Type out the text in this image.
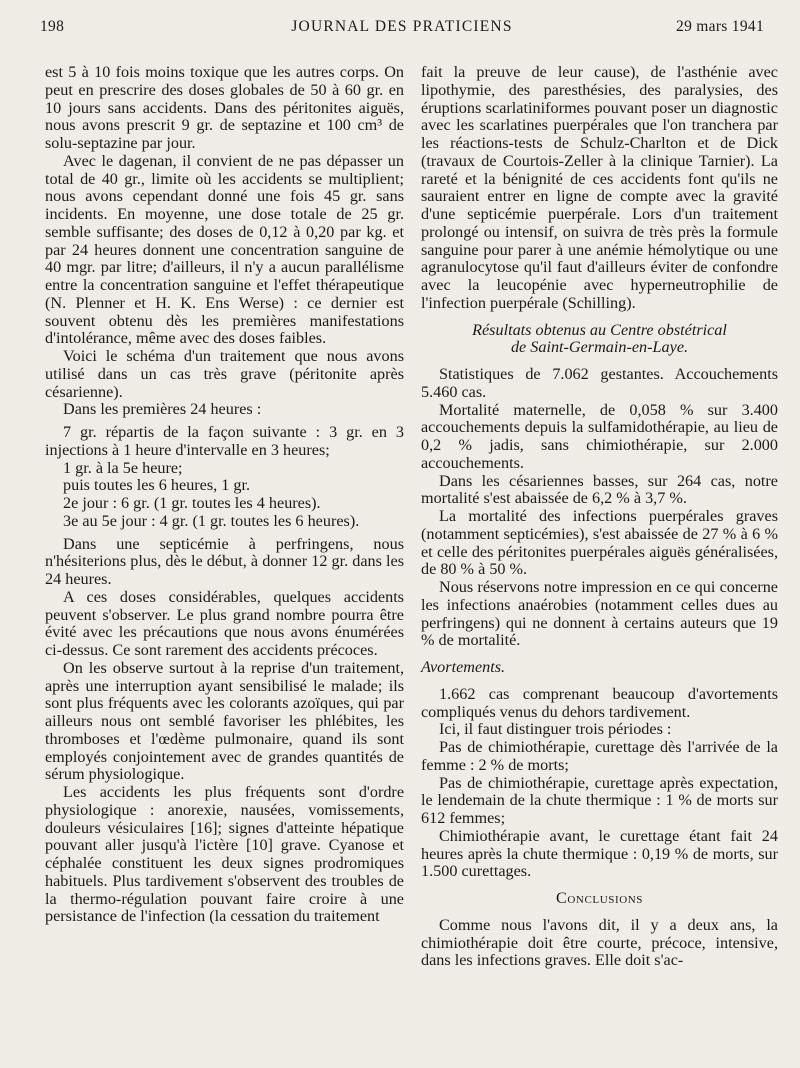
198	JOURNAL DES PRATICIENS	29 mars 1941

est 5 à 10 fois moins toxique que les autres corps. On peut en prescrire des doses globales de 50 à 60 gr. en 10 jours sans accidents. Dans des péritonites aiguës, nous avons prescrit 9 gr. de septazine et 100 cm³ de solu-septazine par jour.

Avec le dagenan, il convient de ne pas dépasser un total de 40 gr., limite où les accidents se multiplient; nous avons cependant donné une fois 45 gr. sans incidents. En moyenne, une dose totale de 25 gr. semble suffisante; des doses de 0,12 à 0,20 par kg. et par 24 heures donnent une concentration sanguine de 40 mgr. par litre; d'ailleurs, il n'y a aucun parallélisme entre la concentration sanguine et l'effet thérapeutique (N. Plenner et H. K. Ens Werse) : ce dernier est souvent obtenu dès les premières manifestations d'intolérance, même avec des doses faibles.

Voici le schéma d'un traitement que nous avons utilisé dans un cas très grave (péritonite après césarienne).

Dans les premières 24 heures :

7 gr. répartis de la façon suivante : 3 gr. en 3 injections à 1 heure d'intervalle en 3 heures;

1 gr. à la 5e heure;

puis toutes les 6 heures, 1 gr.

2e jour : 6 gr. (1 gr. toutes les 4 heures).

3e au 5e jour : 4 gr. (1 gr. toutes les 6 heures).

Dans une septicémie à perfringens, nous n'hésiterions plus, dès le début, à donner 12 gr. dans les 24 heures.

A ces doses considérables, quelques accidents peuvent s'observer. Le plus grand nombre pourra être évité avec les précautions que nous avons énumérées ci-dessus. Ce sont rarement des accidents précoces.

On les observe surtout à la reprise d'un traitement, après une interruption ayant sensibilisé le malade; ils sont plus fréquents avec les colorants azoïques, qui par ailleurs nous ont semblé favoriser les phlébites, les thromboses et l'œdème pulmonaire, quand ils sont employés conjointement avec de grandes quantités de sérum physiologique.

Les accidents les plus fréquents sont d'ordre physiologique : anorexie, nausées, vomissements, douleurs vésiculaires [16]; signes d'atteinte hépatique pouvant aller jusqu'à l'ictère [10] grave. Cyanose et céphalée constituent les deux signes prodromiques habituels. Plus tardivement s'observent des troubles de la thermo-régulation pouvant faire croire à une persistance de l'infection (la cessation du traitement

fait la preuve de leur cause), de l'asthénie avec lipothymie, des paresthésies, des paralysies, des éruptions scarlatiniformes pouvant poser un diagnostic avec les scarlatines puerpérales que l'on tranchera par les réactions-tests de Schulz-Charlton et de Dick (travaux de Courtois-Zeller à la clinique Tarnier). La rareté et la bénignité de ces accidents font qu'ils ne sauraient entrer en ligne de compte avec la gravité d'une septicémie puerpérale. Lors d'un traitement prolongé ou intensif, on suivra de très près la formule sanguine pour parer à une anémie hémolytique ou une agranulocytose qu'il faut d'ailleurs éviter de confondre avec la leucopénie avec hyperneutrophilie de l'infection puerpérale (Schilling).

Résultats obtenus au Centre obstétrical

de Saint-Germain-en-Laye.

Statistiques de 7.062 gestantes. Accouchements 5.460 cas.

Mortalité maternelle, de 0,058 % sur 3.400 accouchements depuis la sulfamidothérapie, au lieu de 0,2 % jadis, sans chimiothérapie, sur 2.000 accouchements.

Dans les césariennes basses, sur 264 cas, notre mortalité s'est abaissée de 6,2 % à 3,7 %.

La mortalité des infections puerpérales graves (notamment septicémies), s'est abaissée de 27 % à 6 % et celle des péritonites puerpérales aiguës généralisées, de 80 % à 50 %.

Nous réservons notre impression en ce qui concerne les infections anaérobies (notamment celles dues au perfringens) qui ne donnent à certains auteurs que 19 % de mortalité.

Avortements.

1.662 cas comprenant beaucoup d'avortements compliqués venus du dehors tardivement.

Ici, il faut distinguer trois périodes :

Pas de chimiothérapie, curettage dès l'arrivée de la femme : 2 % de morts;

Pas de chimiothérapie, curettage après expectation, le lendemain de la chute thermique : 1 % de morts sur 612 femmes;

Chimiothérapie avant, le curettage étant fait 24 heures après la chute thermique : 0,19 % de morts, sur 1.500 curettages.

Conclusions

Comme nous l'avons dit, il y a deux ans, la chimiothérapie doit être courte, précoce, intensive, dans les infections graves. Elle doit s'ac-
